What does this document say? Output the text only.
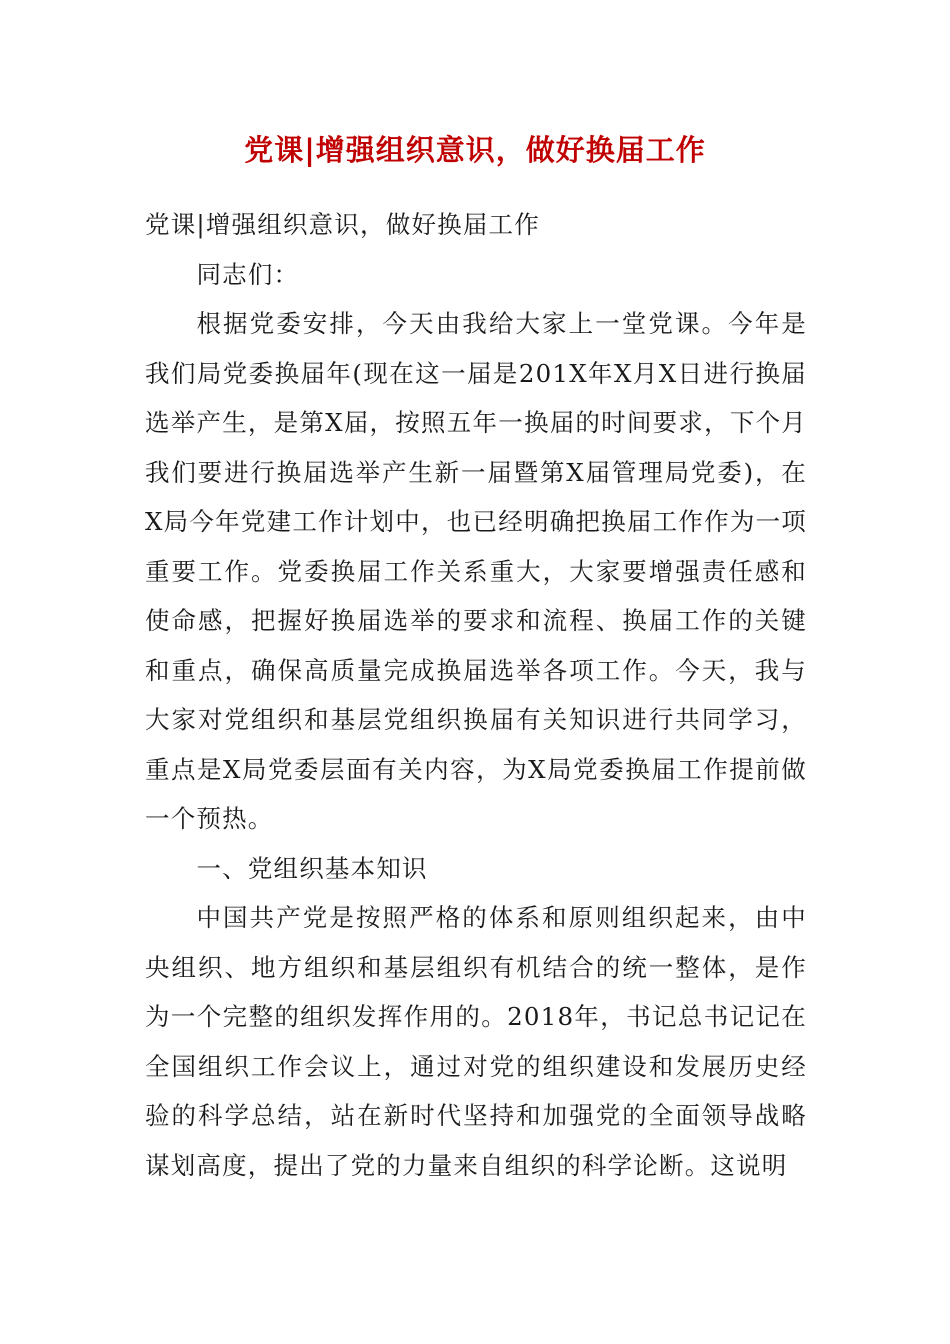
党课|增强组织意识，做好换届工作

党课|增强组织意识，做好换届工作

同志们：

根据党委安排，今天由我给大家上一堂党课。今年是我们局党委换届年(现在这一届是201X年X月X日进行换届选举产生，是第X届，按照五年一换届的时间要求，下个月我们要进行换届选举产生新一届暨第X届管理局党委)，在X局今年党建工作计划中，也已经明确把换届工作作为一项重要工作。党委换届工作关系重大，大家要增强责任感和使命感，把握好换届选举的要求和流程、换届工作的关键和重点，确保高质量完成换届选举各项工作。今天，我与大家对党组织和基层党组织换届有关知识进行共同学习，重点是X局党委层面有关内容，为X局党委换届工作提前做一个预热。

一、党组织基本知识

中国共产党是按照严格的体系和原则组织起来，由中央组织、地方组织和基层组织有机结合的统一整体，是作为一个完整的组织发挥作用的。2018年，书记总书记记在全国组织工作会议上，通过对党的组织建设和发展历史经验的科学总结，站在新时代坚持和加强党的全面领导战略谋划高度，提出了党的力量来自组织的科学论断。这说明
